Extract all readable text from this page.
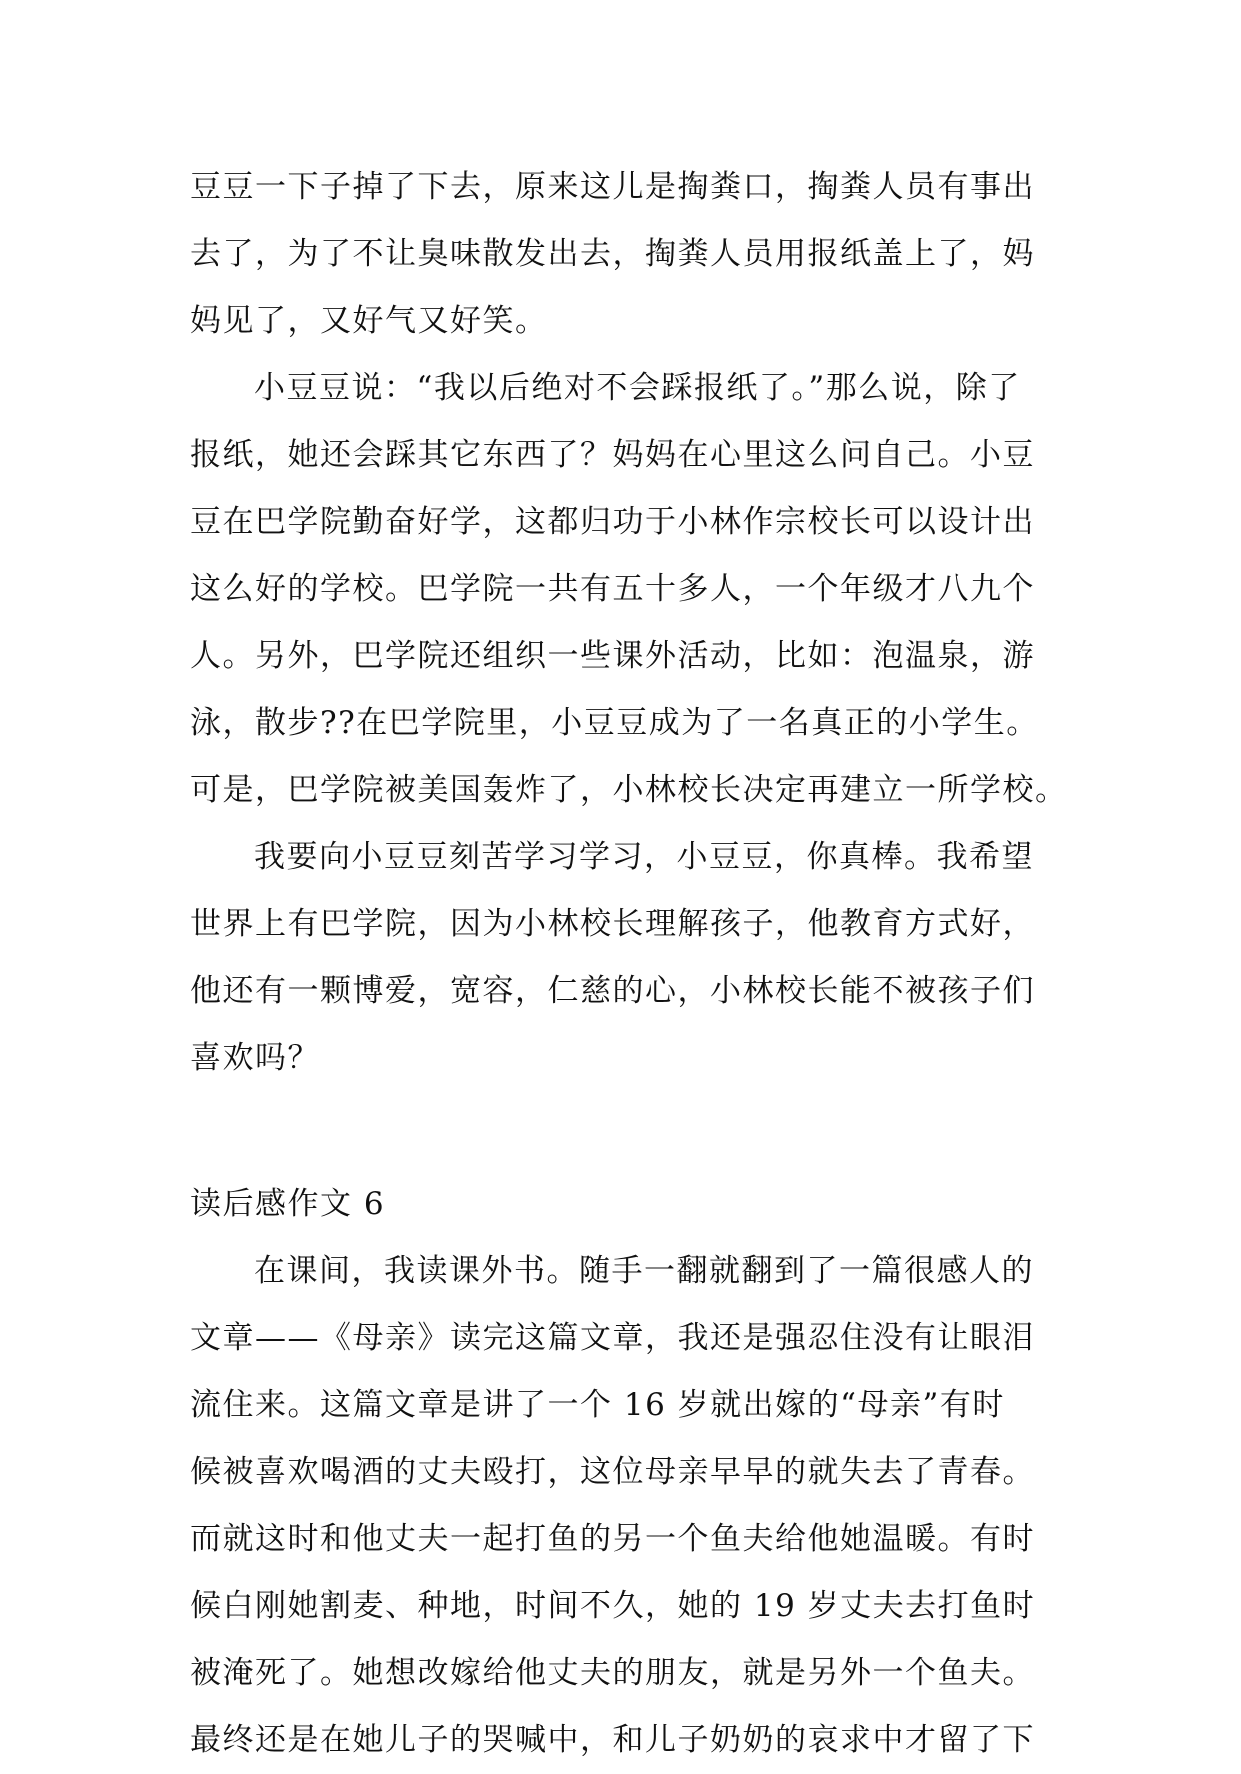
豆豆一下子掉了下去，原来这儿是掏粪口，掏粪人员有事出
去了，为了不让臭味散发出去，掏粪人员用报纸盖上了，妈
妈见了，又好气又好笑。
小豆豆说：“我以后绝对不会踩报纸了。”那么说，除了
报纸，她还会踩其它东西了？妈妈在心里这么问自己。小豆
豆在巴学院勤奋好学，这都归功于小林作宗校长可以设计出
这么好的学校。巴学院一共有五十多人，一个年级才八九个
人。另外，巴学院还组织一些课外活动，比如：泡温泉，游
泳，散步??在巴学院里，小豆豆成为了一名真正的小学生。
可是，巴学院被美国轰炸了，小林校长决定再建立一所学校。
我要向小豆豆刻苦学习学习，小豆豆，你真棒。我希望
世界上有巴学院，因为小林校长理解孩子，他教育方式好，
他还有一颗博爱，宽容，仁慈的心，小林校长能不被孩子们
喜欢吗？
读后感作文 6
在课间，我读课外书。随手一翻就翻到了一篇很感人的
文章——《母亲》读完这篇文章，我还是强忍住没有让眼泪
流住来。这篇文章是讲了一个 16 岁就出嫁的“母亲”有时
候被喜欢喝酒的丈夫殴打，这位母亲早早的就失去了青春。
而就这时和他丈夫一起打鱼的另一个鱼夫给他她温暖。有时
候白刚她割麦、种地，时间不久，她的 19 岁丈夫去打鱼时
被淹死了。她想改嫁给他丈夫的朋友，就是另外一个鱼夫。
最终还是在她儿子的哭喊中，和儿子奶奶的哀求中才留了下
